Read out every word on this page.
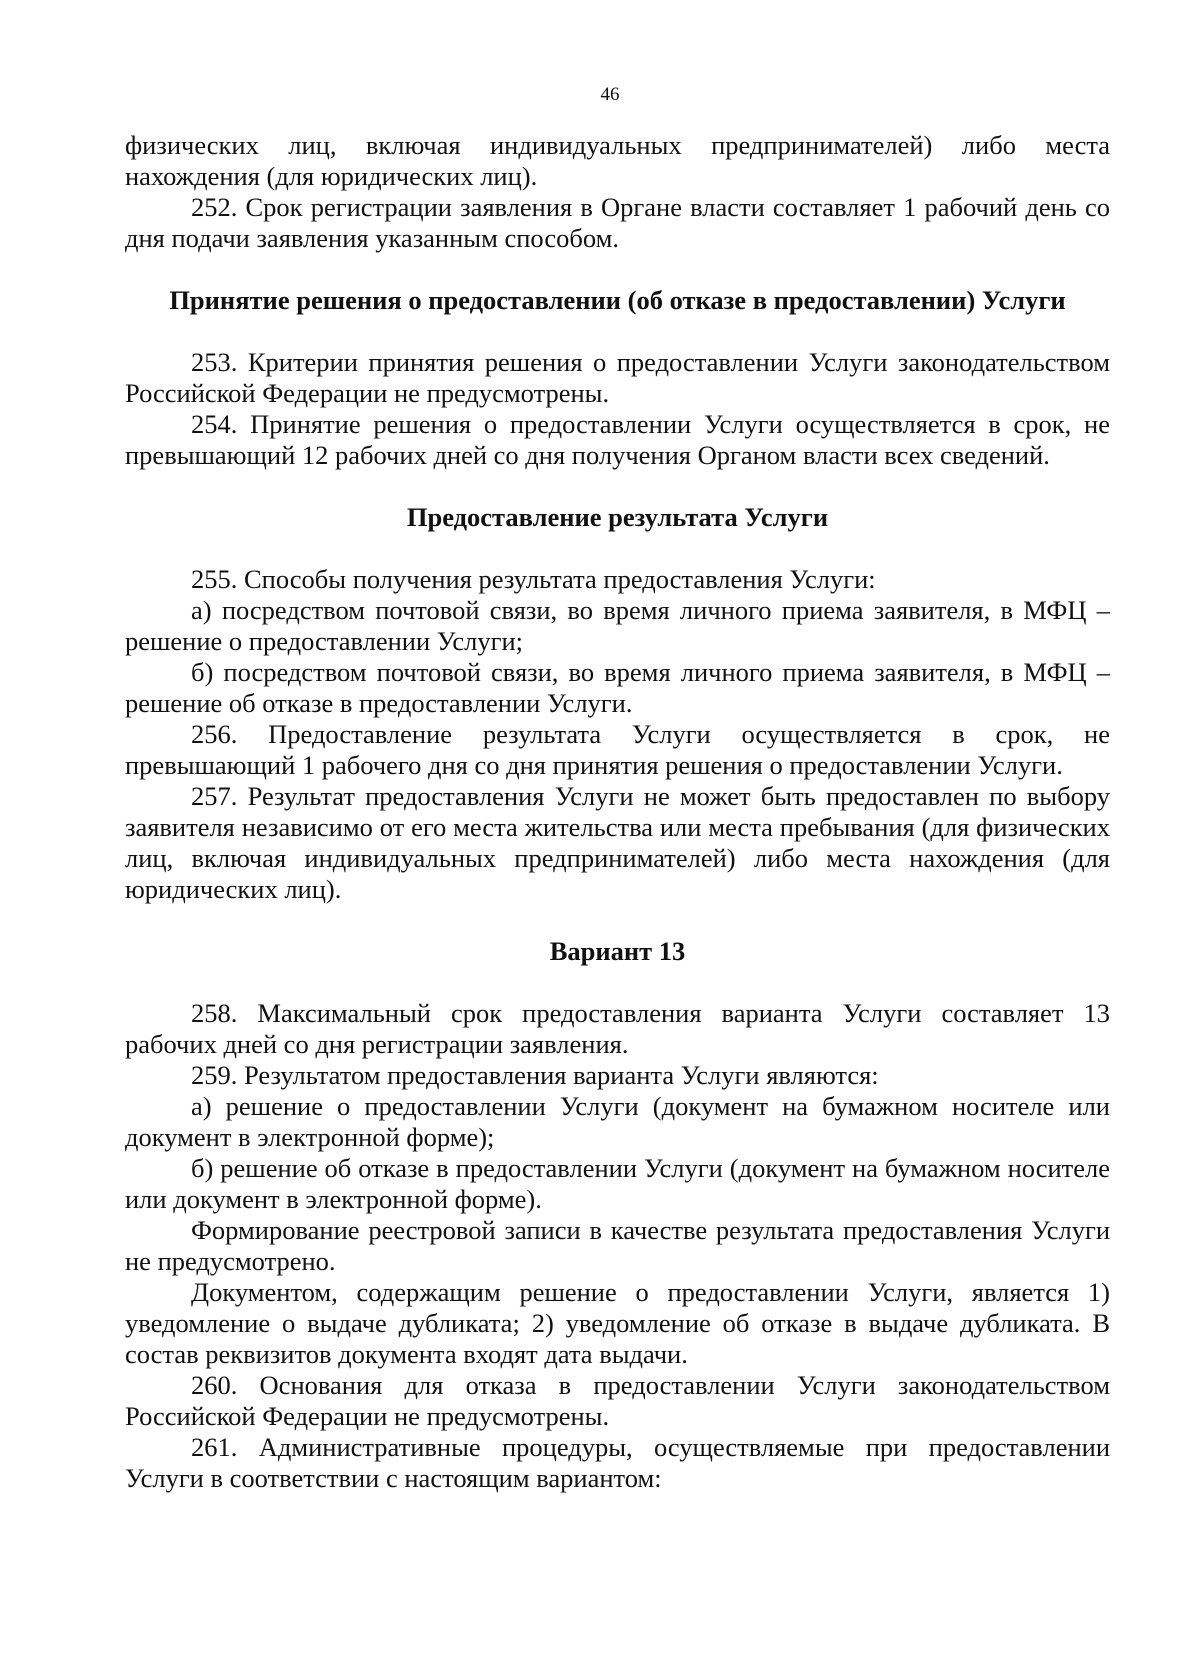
46

физических лиц, включая индивидуальных предпринимателей) либо места нахождения (для юридических лиц).

252. Срок регистрации заявления в Органе власти составляет 1 рабочий день со дня подачи заявления указанным способом.

Принятие решения о предоставлении (об отказе в предоставлении) Услуги

253. Критерии принятия решения о предоставлении Услуги законодательством Российской Федерации не предусмотрены.

254. Принятие решения о предоставлении Услуги осуществляется в срок, не превышающий 12 рабочих дней со дня получения Органом власти всех сведений.

Предоставление результата Услуги

255. Способы получения результата предоставления Услуги:

а) посредством почтовой связи, во время личного приема заявителя, в МФЦ – решение о предоставлении Услуги;

б) посредством почтовой связи, во время личного приема заявителя, в МФЦ – решение об отказе в предоставлении Услуги.

256. Предоставление результата Услуги осуществляется в срок, не превышающий 1 рабочего дня со дня принятия решения о предоставлении Услуги.

257. Результат предоставления Услуги не может быть предоставлен по выбору заявителя независимо от его места жительства или места пребывания (для физических лиц, включая индивидуальных предпринимателей) либо места нахождения (для юридических лиц).

Вариант 13

258. Максимальный срок предоставления варианта Услуги составляет 13 рабочих дней со дня регистрации заявления.

259. Результатом предоставления варианта Услуги являются:

а) решение о предоставлении Услуги (документ на бумажном носителе или документ в электронной форме);

б) решение об отказе в предоставлении Услуги (документ на бумажном носителе или документ в электронной форме).

Формирование реестровой записи в качестве результата предоставления Услуги не предусмотрено.

Документом, содержащим решение о предоставлении Услуги, является 1) уведомление о выдаче дубликата; 2) уведомление об отказе в выдаче дубликата. В состав реквизитов документа входят дата выдачи.

260. Основания для отказа в предоставлении Услуги законодательством Российской Федерации не предусмотрены.

261. Административные процедуры, осуществляемые при предоставлении Услуги в соответствии с настоящим вариантом:
